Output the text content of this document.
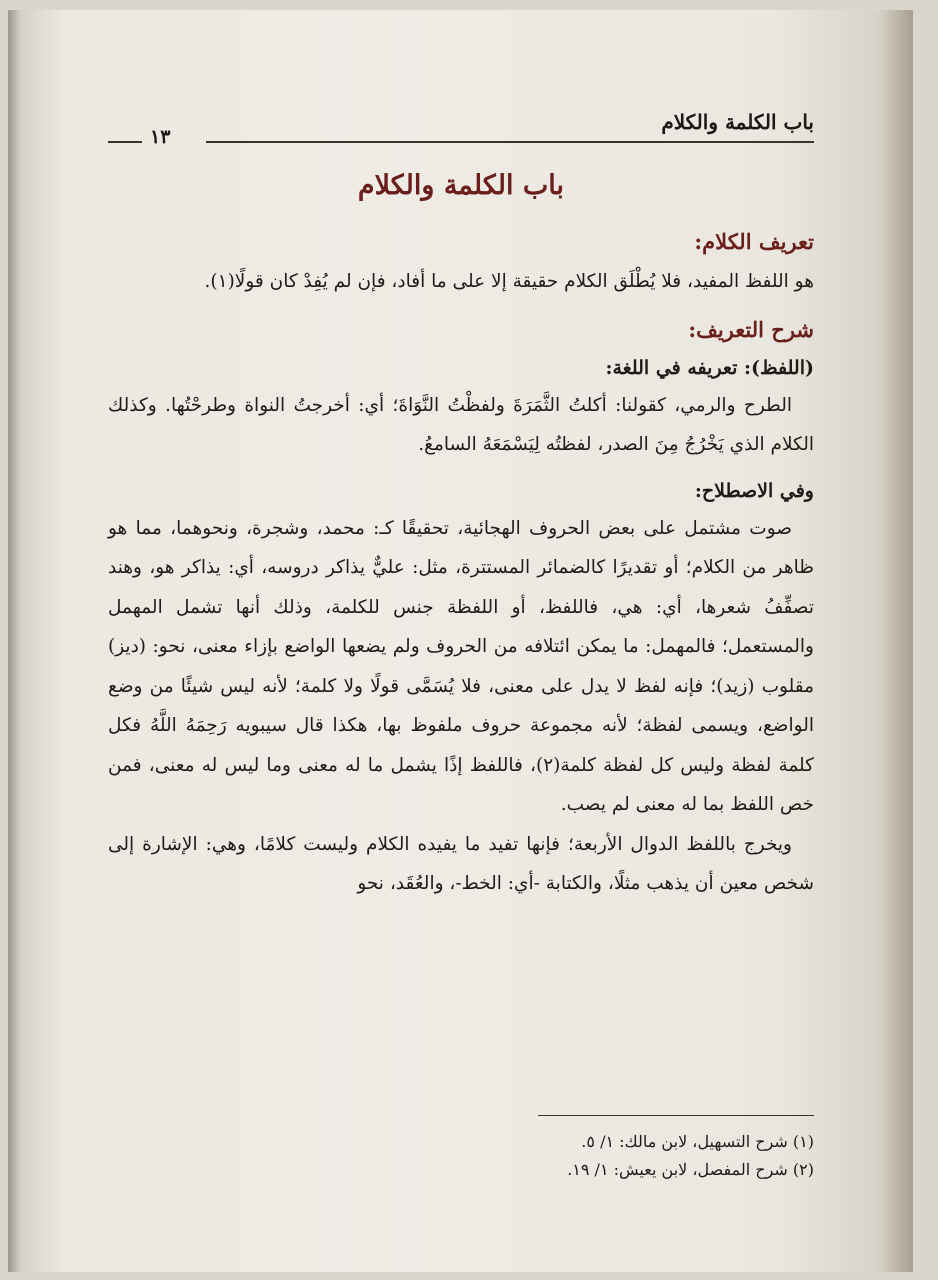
باب الكلمة والكلام
١٣
باب الكلمة والكلام
تعريف الكلام:

هو اللفظ المفيد، فلا يُطْلَق الكلام حقيقة إلا على ما أفاد، فإن لم يُفِدْ كان قولًا(١).

شرح التعريف:
(اللفظ): تعريفه في اللغة:

الطرح والرمي، كقولنا: أكلتُ الثَّمَرَةَ ولفظْتُ النَّوَاةَ؛ أي: أخرجتُ النواة وطرحْتُها. وكذلك الكلام الذي يَخْرُجُ مِنَ الصدر، لفظتُه لِيَسْمَعَهُ السامعُ.

وفي الاصطلاح:

صوت مشتمل على بعض الحروف الهجائية، تحقيقًا كـ: محمد، وشجرة، ونحوهما، مما هو ظاهر من الكلام؛ أو تقديرًا كالضمائر المستترة، مثل: عليٌّ يذاكر دروسه، أي: يذاكر هو، وهند تصفِّفُ شعرها، أي: هي، فاللفظ، أو اللفظة جنس للكلمة، وذلك أنها تشمل المهمل والمستعمل؛ فالمهمل: ما يمكن ائتلافه من الحروف ولم يضعها الواضع بإزاء معنى، نحو: (ديز) مقلوب (زيد)؛ فإنه لفظ لا يدل على معنى، فلا يُسَمَّى قولًا ولا كلمة؛ لأنه ليس شيئًا من وضع الواضع، ويسمى لفظة؛ لأنه مجموعة حروف ملفوظ بها، هكذا قال سيبويه رَحِمَهُ اللَّهُ فكل كلمة لفظة وليس كل لفظة كلمة(٢)، فاللفظ إذًا يشمل ما له معنى وما ليس له معنى، فمن خص اللفظ بما له معنى لم يصب.

ويخرج باللفظ الدوال الأربعة؛ فإنها تفيد ما يفيده الكلام وليست كلامًا، وهي: الإشارة إلى شخص معين أن يذهب مثلًا، والكتابة -أي: الخط-، والعُقَد، نحو

(١) شرح التسهيل، لابن مالك: ١/ ٥.
(٢) شرح المفصل، لابن يعيش: ١/ ١٩.
